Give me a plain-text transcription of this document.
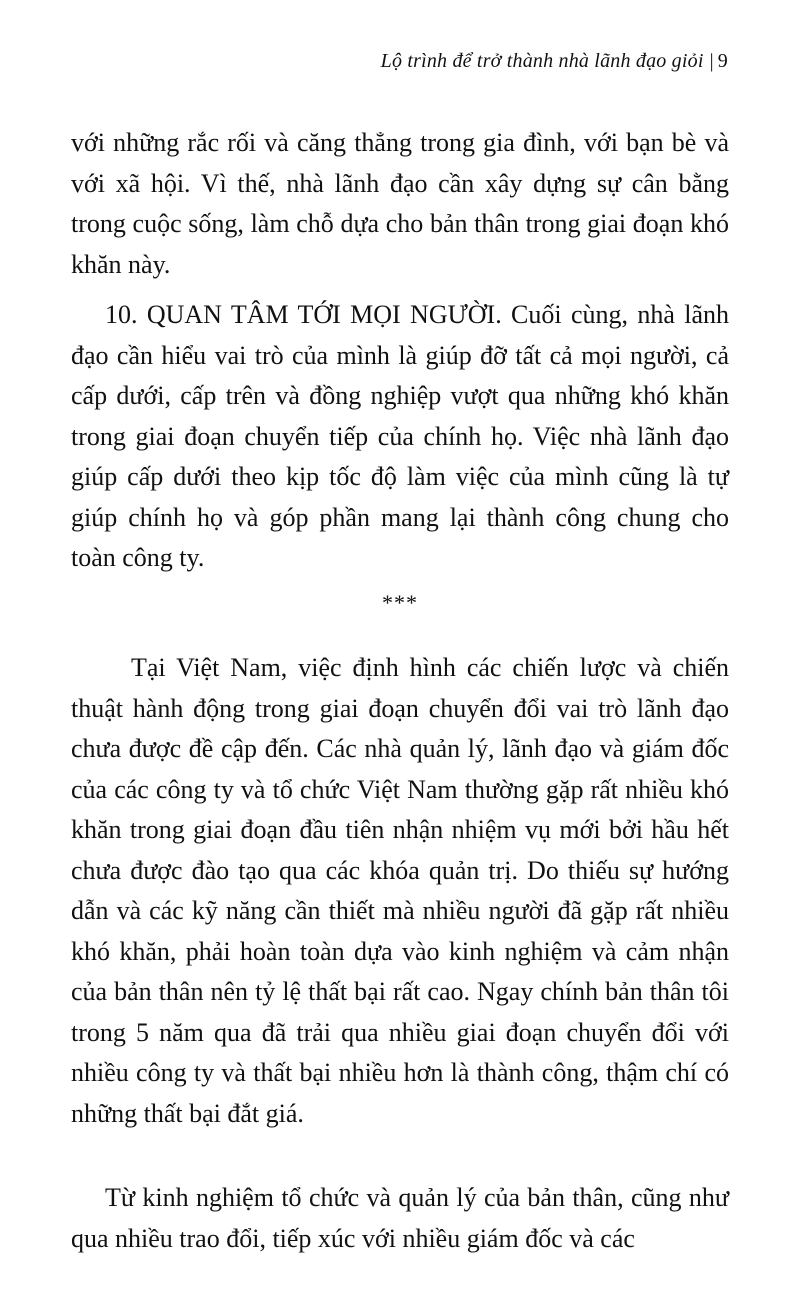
Lộ trình để trở thành nhà lãnh đạo giỏi | 9

với những rắc rối và căng thẳng trong gia đình, với bạn bè và với xã hội. Vì thế, nhà lãnh đạo cần xây dựng sự cân bằng trong cuộc sống, làm chỗ dựa cho bản thân trong giai đoạn khó khăn này.

10. QUAN TÂM TỚI MỌI NGƯỜI. Cuối cùng, nhà lãnh đạo cần hiểu vai trò của mình là giúp đỡ tất cả mọi người, cả cấp dưới, cấp trên và đồng nghiệp vượt qua những khó khăn trong giai đoạn chuyển tiếp của chính họ. Việc nhà lãnh đạo giúp cấp dưới theo kịp tốc độ làm việc của mình cũng là tự giúp chính họ và góp phần mang lại thành công chung cho toàn công ty.

***

Tại Việt Nam, việc định hình các chiến lược và chiến thuật hành động trong giai đoạn chuyển đổi vai trò lãnh đạo chưa được đề cập đến. Các nhà quản lý, lãnh đạo và giám đốc của các công ty và tổ chức Việt Nam thường gặp rất nhiều khó khăn trong giai đoạn đầu tiên nhận nhiệm vụ mới bởi hầu hết chưa được đào tạo qua các khóa quản trị. Do thiếu sự hướng dẫn và các kỹ năng cần thiết mà nhiều người đã gặp rất nhiều khó khăn, phải hoàn toàn dựa vào kinh nghiệm và cảm nhận của bản thân nên tỷ lệ thất bại rất cao. Ngay chính bản thân tôi trong 5 năm qua đã trải qua nhiều giai đoạn chuyển đổi với nhiều công ty và thất bại nhiều hơn là thành công, thậm chí có những thất bại đắt giá.

Từ kinh nghiệm tổ chức và quản lý của bản thân, cũng như qua nhiều trao đổi, tiếp xúc với nhiều giám đốc và các
